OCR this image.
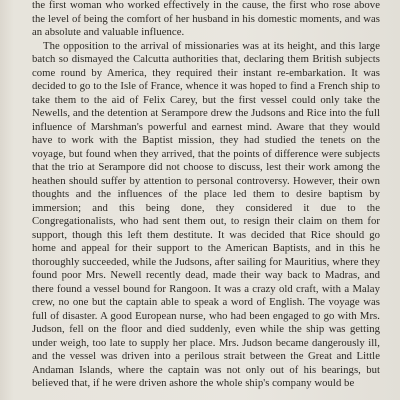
the first woman who worked effectively in the cause, the first who rose above the level of being the comfort of her husband in his domestic moments, and was an absolute and valuable influence.

The opposition to the arrival of missionaries was at its height, and this large batch so dismayed the Calcutta authorities that, declaring them British subjects come round by America, they required their instant re-embarkation. It was decided to go to the Isle of France, whence it was hoped to find a French ship to take them to the aid of Felix Carey, but the first vessel could only take the Newells, and the detention at Serampore drew the Judsons and Rice into the full influence of Marshman's powerful and earnest mind. Aware that they would have to work with the Baptist mission, they had studied the tenets on the voyage, but found when they arrived, that the points of difference were subjects that the trio at Serampore did not choose to discuss, lest their work among the heathen should suffer by attention to personal controversy. However, their own thoughts and the influences of the place led them to desire baptism by immersion; and this being done, they considered it due to the Congregationalists, who had sent them out, to resign their claim on them for support, though this left them destitute. It was decided that Rice should go home and appeal for their support to the American Baptists, and in this he thoroughly succeeded, while the Judsons, after sailing for Mauritius, where they found poor Mrs. Newell recently dead, made their way back to Madras, and there found a vessel bound for Rangoon. It was a crazy old craft, with a Malay crew, no one but the captain able to speak a word of English. The voyage was full of disaster. A good European nurse, who had been engaged to go with Mrs. Judson, fell on the floor and died suddenly, even while the ship was getting under weigh, too late to supply her place. Mrs. Judson became dangerously ill, and the vessel was driven into a perilous strait between the Great and Little Andaman Islands, where the captain was not only out of his bearings, but believed that, if he were driven ashore the whole ship's company would be
